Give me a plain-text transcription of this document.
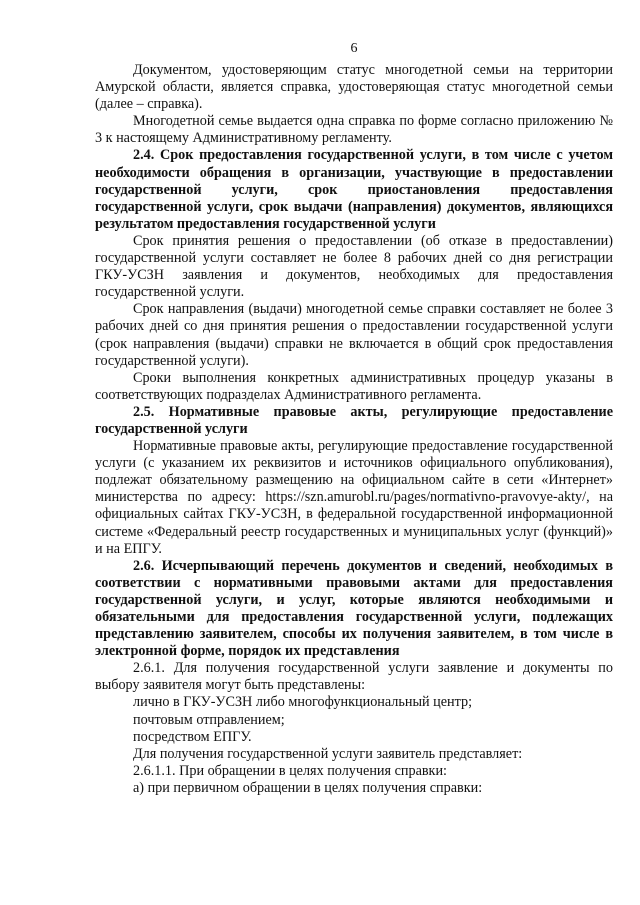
6

Документом, удостоверяющим статус многодетной семьи на территории Амурской области, является справка, удостоверяющая статус многодетной семьи (далее – справка).

Многодетной семье выдается одна справка по форме согласно приложению № 3 к настоящему Административному регламенту.

2.4. Срок предоставления государственной услуги, в том числе с учетом необходимости обращения в организации, участвующие в предоставлении государственной услуги, срок приостановления предоставления государственной услуги, срок выдачи (направления) документов, являющихся результатом предоставления государственной услуги

Срок принятия решения о предоставлении (об отказе в предоставлении) государственной услуги составляет не более 8 рабочих дней со дня регистрации ГКУ-УСЗН заявления и документов, необходимых для предоставления государственной услуги.

Срок направления (выдачи) многодетной семье справки составляет не более 3 рабочих дней со дня принятия решения о предоставлении государственной услуги (срок направления (выдачи) справки не включается в общий срок предоставления государственной услуги).

Сроки выполнения конкретных административных процедур указаны в соответствующих подразделах Административного регламента.

2.5. Нормативные правовые акты, регулирующие предоставление государственной услуги

Нормативные правовые акты, регулирующие предоставление государственной услуги (с указанием их реквизитов и источников официального опубликования), подлежат обязательному размещению на официальном сайте в сети «Интернет» министерства по адресу: https://szn.amurobl.ru/pages/normativno-pravovye-akty/, на официальных сайтах ГКУ-УСЗН, в федеральной государственной информационной системе «Федеральный реестр государственных и муниципальных услуг (функций)» и на ЕПГУ.

2.6. Исчерпывающий перечень документов и сведений, необходимых в соответствии с нормативными правовыми актами для предоставления государственной услуги, и услуг, которые являются необходимыми и обязательными для предоставления государственной услуги, подлежащих представлению заявителем, способы их получения заявителем, в том числе в электронной форме, порядок их представления

2.6.1. Для получения государственной услуги заявление и документы по выбору заявителя могут быть представлены:

лично в ГКУ-УСЗН либо многофункциональный центр;

почтовым отправлением;

посредством ЕПГУ.

Для получения государственной услуги заявитель представляет:

2.6.1.1. При обращении в целях получения справки:

а) при первичном обращении в целях получения справки:
